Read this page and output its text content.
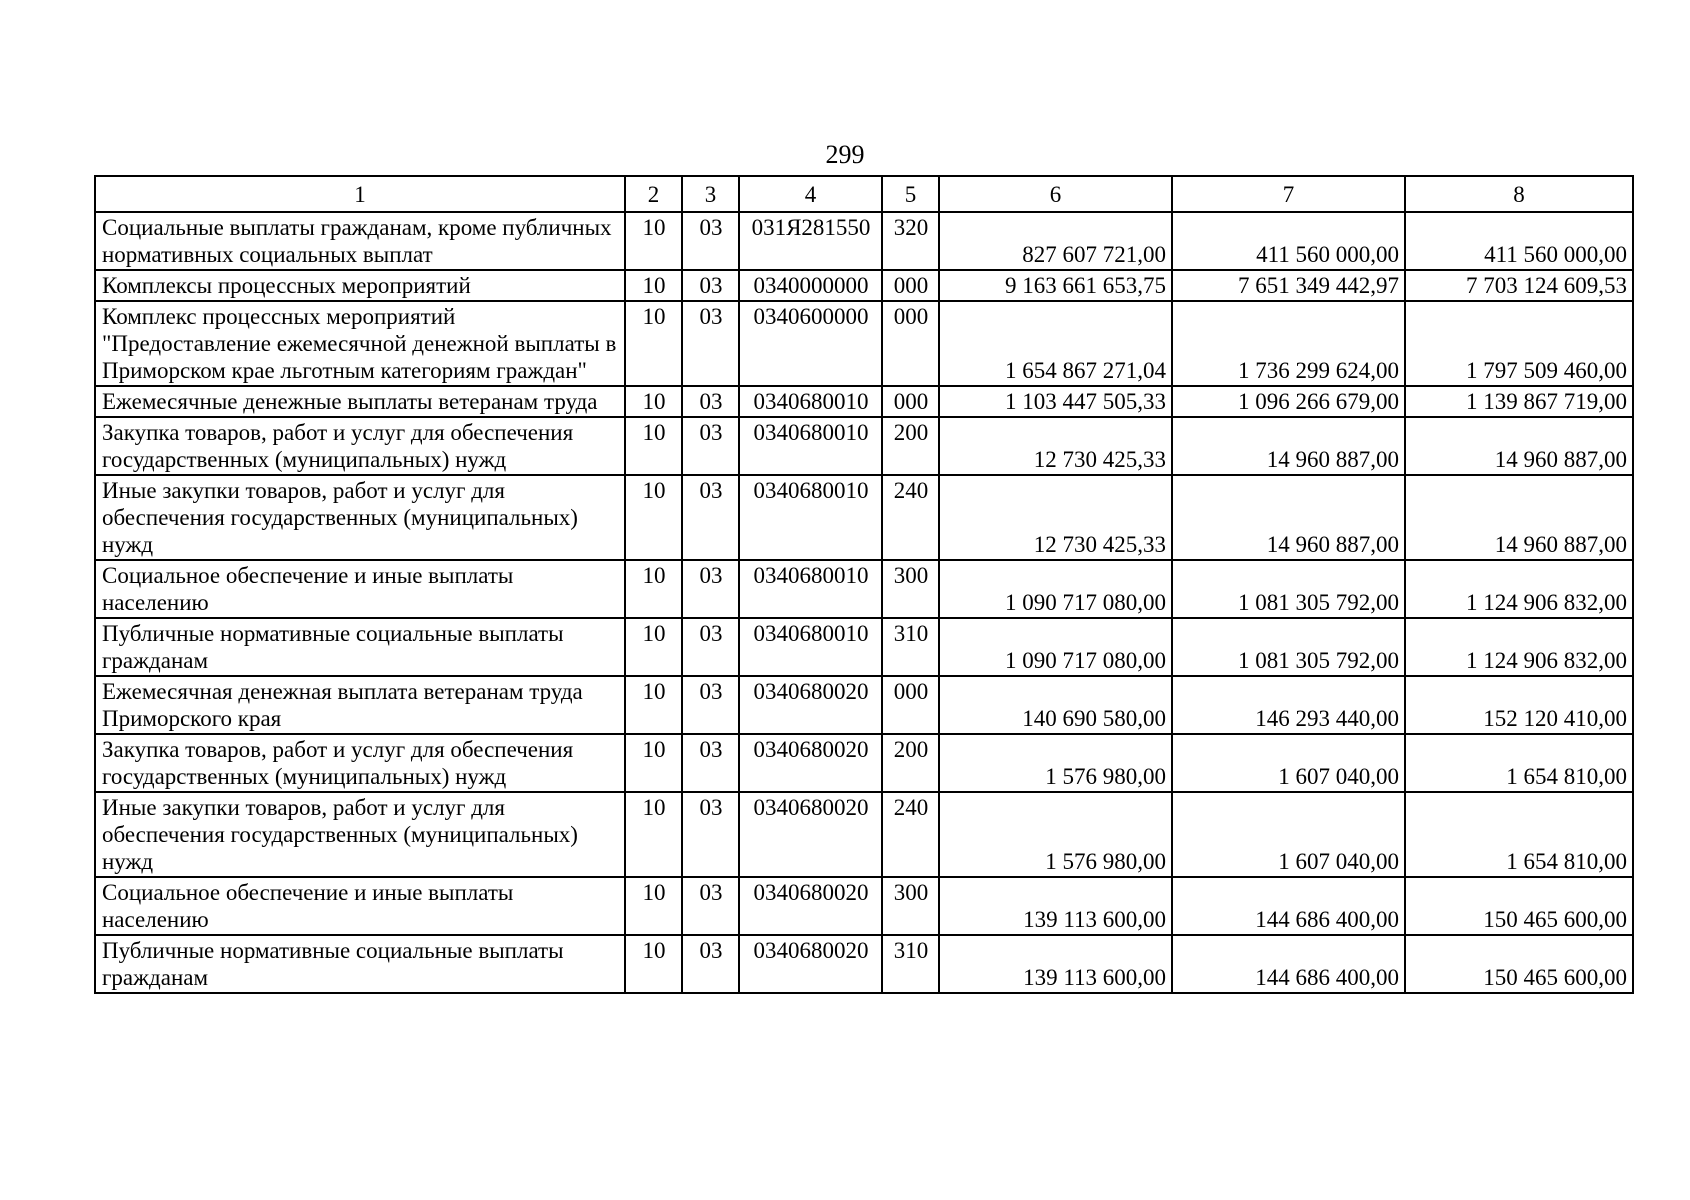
299
1	2	3	4	5	6	7	8
Социальные выплаты гражданам, кроме публичных нормативных социальных выплат	10	03	031Я281550	320	827 607 721,00	411 560 000,00	411 560 000,00
Комплексы процессных мероприятий	10	03	0340000000	000	9 163 661 653,75	7 651 349 442,97	7 703 124 609,53
Комплекс процессных мероприятий "Предоставление ежемесячной денежной выплаты в Приморском крае льготным категориям граждан"	10	03	0340600000	000	1 654 867 271,04	1 736 299 624,00	1 797 509 460,00
Ежемесячные денежные выплаты ветеранам труда	10	03	0340680010	000	1 103 447 505,33	1 096 266 679,00	1 139 867 719,00
Закупка товаров, работ и услуг для обеспечения государственных (муниципальных) нужд	10	03	0340680010	200	12 730 425,33	14 960 887,00	14 960 887,00
Иные закупки товаров, работ и услуг для обеспечения государственных (муниципальных) нужд	10	03	0340680010	240	12 730 425,33	14 960 887,00	14 960 887,00
Социальное обеспечение и иные выплаты населению	10	03	0340680010	300	1 090 717 080,00	1 081 305 792,00	1 124 906 832,00
Публичные нормативные социальные выплаты гражданам	10	03	0340680010	310	1 090 717 080,00	1 081 305 792,00	1 124 906 832,00
Ежемесячная денежная выплата ветеранам труда Приморского края	10	03	0340680020	000	140 690 580,00	146 293 440,00	152 120 410,00
Закупка товаров, работ и услуг для обеспечения государственных (муниципальных) нужд	10	03	0340680020	200	1 576 980,00	1 607 040,00	1 654 810,00
Иные закупки товаров, работ и услуг для обеспечения государственных (муниципальных) нужд	10	03	0340680020	240	1 576 980,00	1 607 040,00	1 654 810,00
Социальное обеспечение и иные выплаты населению	10	03	0340680020	300	139 113 600,00	144 686 400,00	150 465 600,00
Публичные нормативные социальные выплаты гражданам	10	03	0340680020	310	139 113 600,00	144 686 400,00	150 465 600,00
